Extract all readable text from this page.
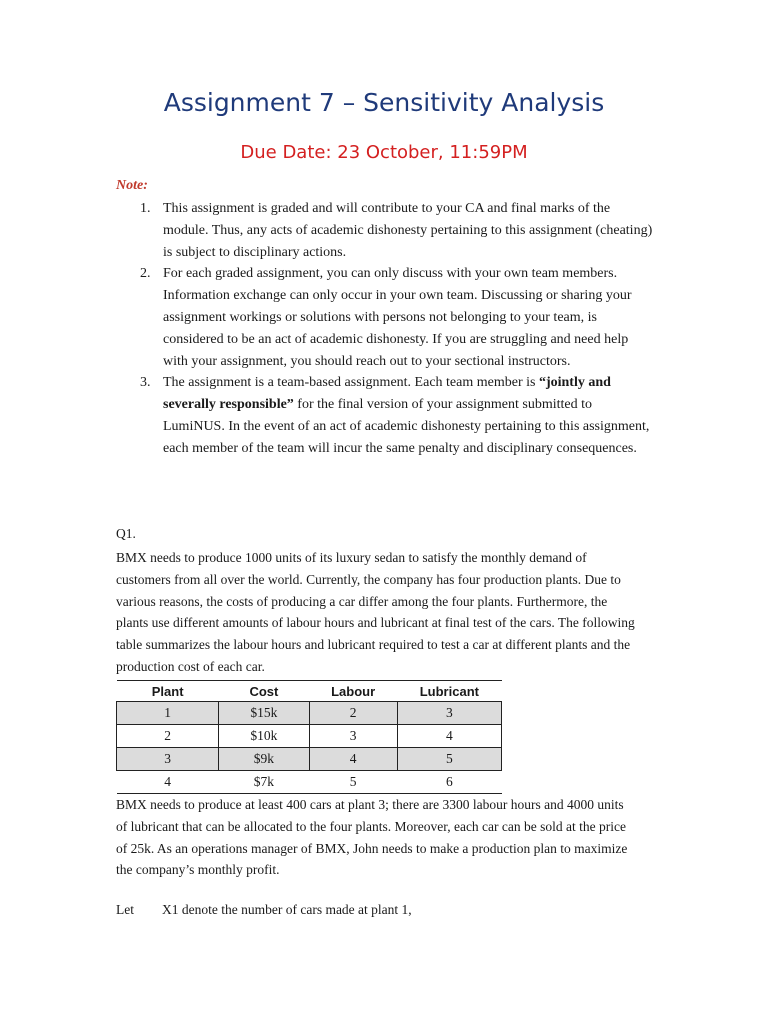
Assignment 7 – Sensitivity Analysis
Due Date: 23 October, 11:59PM
Note:
1. This assignment is graded and will contribute to your CA and final marks of the module. Thus, any acts of academic dishonesty pertaining to this assignment (cheating) is subject to disciplinary actions.
2. For each graded assignment, you can only discuss with your own team members. Information exchange can only occur in your own team. Discussing or sharing your assignment workings or solutions with persons not belonging to your team, is considered to be an act of academic dishonesty. If you are struggling and need help with your assignment, you should reach out to your sectional instructors.
3. The assignment is a team-based assignment. Each team member is “jointly and severally responsible” for the final version of your assignment submitted to LumiNUS. In the event of an act of academic dishonesty pertaining to this assignment, each member of the team will incur the same penalty and disciplinary consequences.
Q1.

BMX needs to produce 1000 units of its luxury sedan to satisfy the monthly demand of customers from all over the world. Currently, the company has four production plants. Due to various reasons, the costs of producing a car differ among the four plants. Furthermore, the plants use different amounts of labour hours and lubricant at final test of the cars. The following table summarizes the labour hours and lubricant required to test a car at different plants and the production cost of each car.

Plant	Cost	Labour	Lubricant
1	$15k	2	3
2	$10k	3	4
3	$9k	4	5
4	$7k	5	6

BMX needs to produce at least 400 cars at plant 3; there are 3300 labour hours and 4000 units of lubricant that can be allocated to the four plants. Moreover, each car can be sold at the price of 25k. As an operations manager of BMX, John needs to make a production plan to maximize the company’s monthly profit.

Let X1 denote the number of cars made at plant 1,
